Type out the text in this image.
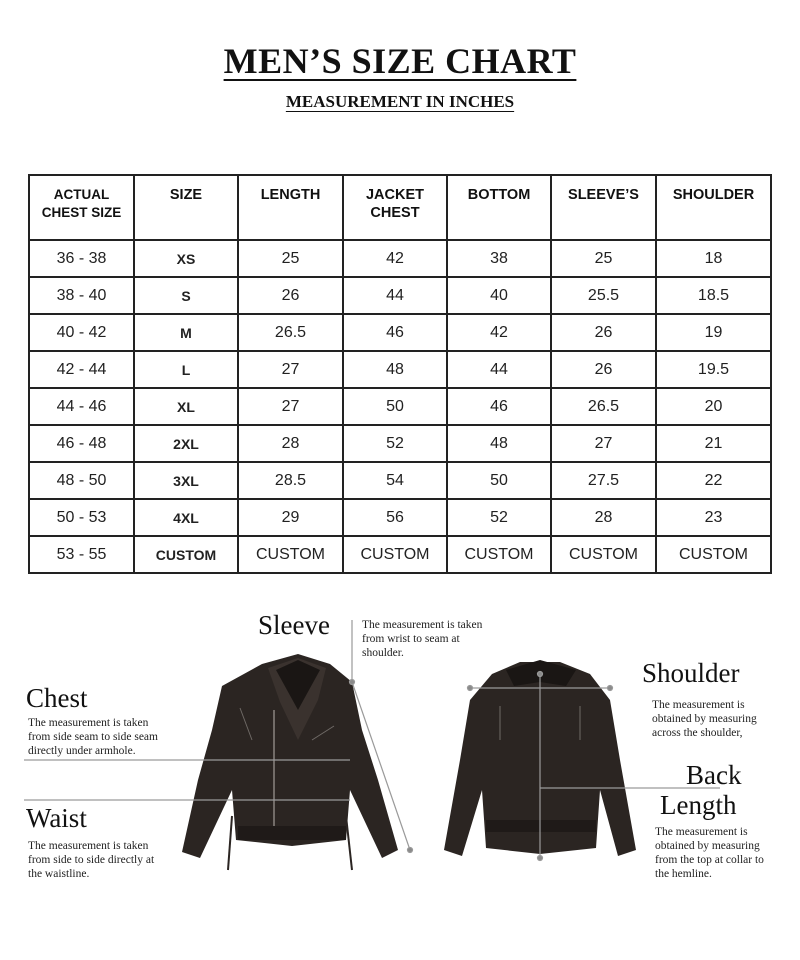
MEN’S SIZE CHART
MEASUREMENT IN INCHES
ACTUAL CHEST SIZE	SIZE	LENGTH	JACKET CHEST	BOTTOM	SLEEVE’S	SHOULDER
36 - 38	XS	25	42	38	25	18
38 - 40	S	26	44	40	25.5	18.5
40 - 42	M	26.5	46	42	26	19
42 - 44	L	27	48	44	26	19.5
44 - 46	XL	27	50	46	26.5	20
46 - 48	2XL	28	52	48	27	21
48 - 50	3XL	28.5	54	50	27.5	22
50 - 53	4XL	29	56	52	28	23
53 - 55	CUSTOM	CUSTOM	CUSTOM	CUSTOM	CUSTOM	CUSTOM
Sleeve	The measurement is taken
from wrist to seam at
shoulder.
Chest
The measurement is taken
from side seam to side seam
directly under armhole.
Waist
The measurement is taken
from side to side directly at
the waistline.
Shoulder
The measurement is
obtained by measuring
across the shoulder,
Back
Length
The measurement is
obtained by measuring
from the top at collar to
the hemline.
